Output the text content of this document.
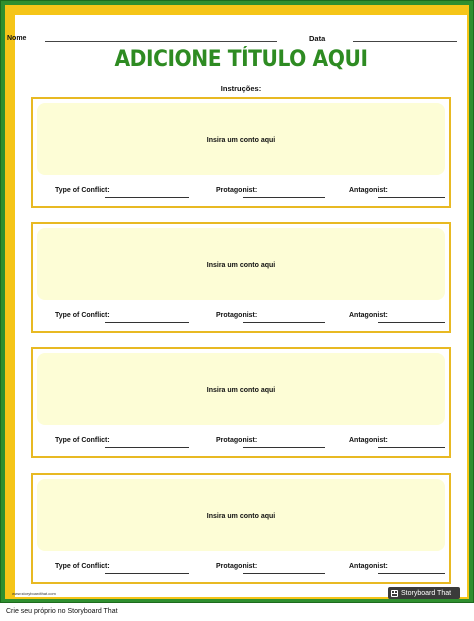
Nome	Data
ADICIONE TÍTULO AQUI
Instruções:
Insira um conto aqui
Type of Conflict:	Protagonist:	Antagonist:
Insira um conto aqui
Type of Conflict:	Protagonist:	Antagonist:
Insira um conto aqui
Type of Conflict:	Protagonist:	Antagonist:
Insira um conto aqui
Type of Conflict:	Protagonist:	Antagonist:
www.storyboardthat.com	Storyboard That
Crie seu próprio no Storyboard That
